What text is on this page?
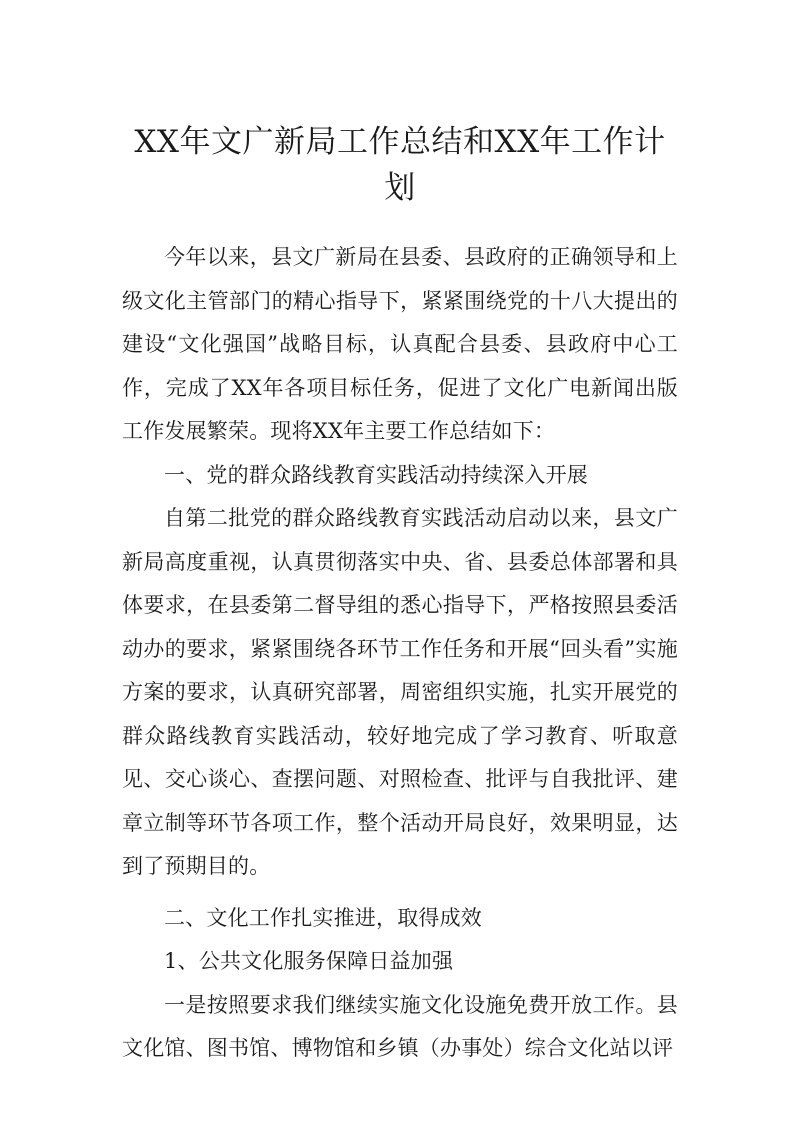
XX年文广新局工作总结和XX年工作计划

今年以来，县文广新局在县委、县政府的正确领导和上级文化主管部门的精心指导下，紧紧围绕党的十八大提出的建设“文化强国”战略目标，认真配合县委、县政府中心工作，完成了XX年各项目标任务，促进了文化广电新闻出版工作发展繁荣。现将XX年主要工作总结如下：

一、党的群众路线教育实践活动持续深入开展

自第二批党的群众路线教育实践活动启动以来，县文广新局高度重视，认真贯彻落实中央、省、县委总体部署和具体要求，在县委第二督导组的悉心指导下，严格按照县委活动办的要求，紧紧围绕各环节工作任务和开展“回头看”实施方案的要求，认真研究部署，周密组织实施，扎实开展党的群众路线教育实践活动，较好地完成了学习教育、听取意见、交心谈心、查摆问题、对照检查、批评与自我批评、建章立制等环节各项工作，整个活动开局良好，效果明显，达到了预期目的。

二、文化工作扎实推进，取得成效

1、公共文化服务保障日益加强

一是按照要求我们继续实施文化设施免费开放工作。县文化馆、图书馆、博物馆和乡镇（办事处）综合文化站以评
